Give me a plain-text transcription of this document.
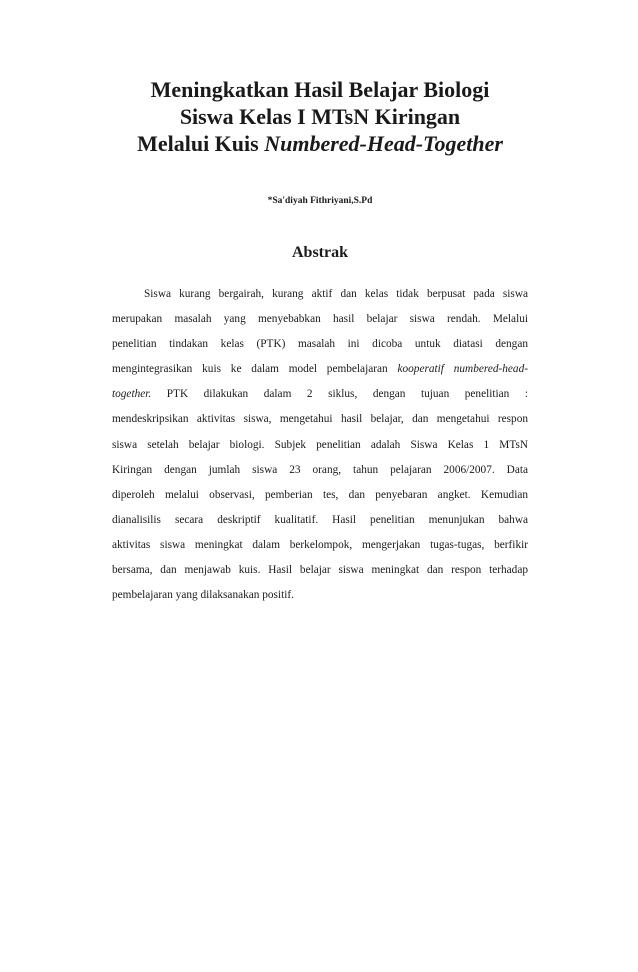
Meningkatkan Hasil Belajar Biologi
Siswa Kelas I MTsN Kiringan
Melalui Kuis Numbered-Head-Together
*Sa'diyah Fithriyani,S.Pd
Abstrak
Siswa kurang bergairah, kurang aktif dan kelas tidak berpusat pada siswa
merupakan masalah yang menyebabkan hasil belajar siswa rendah. Melalui
penelitian tindakan kelas (PTK) masalah ini dicoba untuk diatasi dengan
mengintegrasikan kuis ke dalam model pembelajaran kooperatif numbered-head-
together. PTK dilakukan dalam 2 siklus, dengan tujuan penelitian :
mendeskripsikan aktivitas siswa, mengetahui hasil belajar, dan mengetahui respon
siswa setelah belajar biologi. Subjek penelitian adalah Siswa Kelas 1 MTsN
Kiringan dengan jumlah siswa 23 orang, tahun pelajaran 2006/2007. Data
diperoleh melalui observasi, pemberian tes, dan penyebaran angket. Kemudian
dianalisilis secara deskriptif kualitatif. Hasil penelitian menunjukan bahwa
aktivitas siswa meningkat dalam berkelompok, mengerjakan tugas-tugas, berfikir
bersama, dan menjawab kuis. Hasil belajar siswa meningkat dan respon terhadap
pembelajaran yang dilaksanakan positif.
